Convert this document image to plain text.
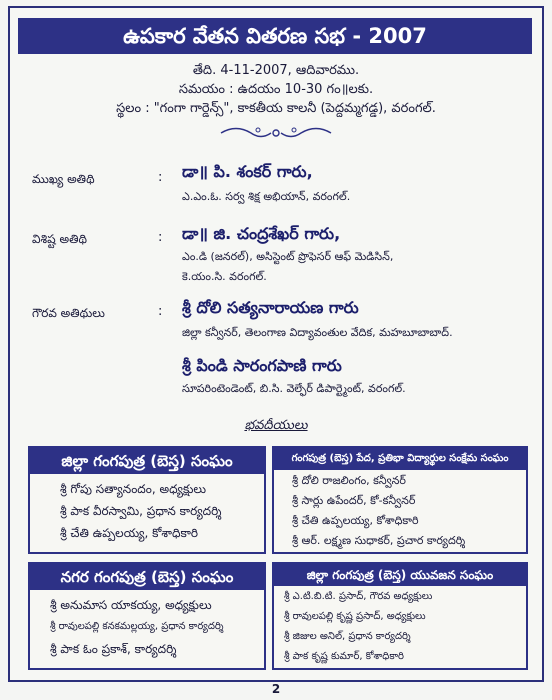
ఉపకార వేతన వితరణ సభ - 2007
తేది. 4-11-2007, ఆదివారము.
సమయం : ఉదయం 10-30 గం॥లకు.
స్థలం : "గంగా గార్డెన్స్", కాకతీయ కాలనీ (పెద్దమ్మగడ్డ), వరంగల్.
ముఖ్య అతిథి	: డా॥ పి. శంకర్ గారు,
ఎ.ఎం.ఓ. సర్వ శిక్ష అభియాన్, వరంగల్.
విశిష్ట అతిథి	: డా॥ జి. చంద్రశేఖర్ గారు,
ఎం.డి (జనరల్), అసిస్టెంట్ ప్రొఫెసర్ ఆఫ్ మెడిసిన్,
కె.యం.సి. వరంగల్.
గౌరవ అతిథులు	: శ్రీ దోలి సత్యనారాయణ గారు
జిల్లా కన్వీనర్, తెలంగాణ విద్యావంతుల వేదిక, మహబూబాబాద్.
శ్రీ పిండి సారంగపాణి గారు
సూపరింటెండెంట్, బి.సి. వెల్ఫేర్ డిపార్ట్మెంట్, వరంగల్.
భవదీయులు
జిల్లా గంగపుత్ర (బెస్త) సంఘం
శ్రీ గోపు సత్యానందం, అధ్యక్షులు
శ్రీ పాక వీరస్వామి, ప్రధాన కార్యదర్శి
శ్రీ చేతి ఉప్పలయ్య, కోశాధికారి
గంగపుత్ర (బెస్త) పేద, ప్రతిభా విద్యార్థుల సంక్షేమ సంఘం
శ్రీ దోలి రాజలింగం, కన్వీనర్
శ్రీ సార్లు ఉపేందర్, కో-కన్వీనర్
శ్రీ చేతి ఉప్పలయ్య, కోశాధికారి
శ్రీ ఆర్. లక్ష్మణ సుధాకర్, ప్రచార కార్యదర్శి
నగర గంగపుత్ర (బెస్త) సంఘం
శ్రీ అనుమాస యాకయ్య, అధ్యక్షులు
శ్రీ రావులపల్లి కనకమల్లయ్య, ప్రధాన కార్యదర్శి
శ్రీ పాక ఓం ప్రకాశ్, కార్యదర్శి
జిల్లా గంగపుత్ర (బెస్త) యువజన సంఘం
శ్రీ ఎ.టి.బి.టి. ప్రసాద్, గౌరవ అధ్యక్షులు
శ్రీ రావులపల్లి కృష్ణ ప్రసాద్, అధ్యక్షులు
శ్రీ జిజుల అనిల్, ప్రధాన కార్యదర్శి
శ్రీ పాక కృష్ణ కుమార్, కోశాధికారి
2
